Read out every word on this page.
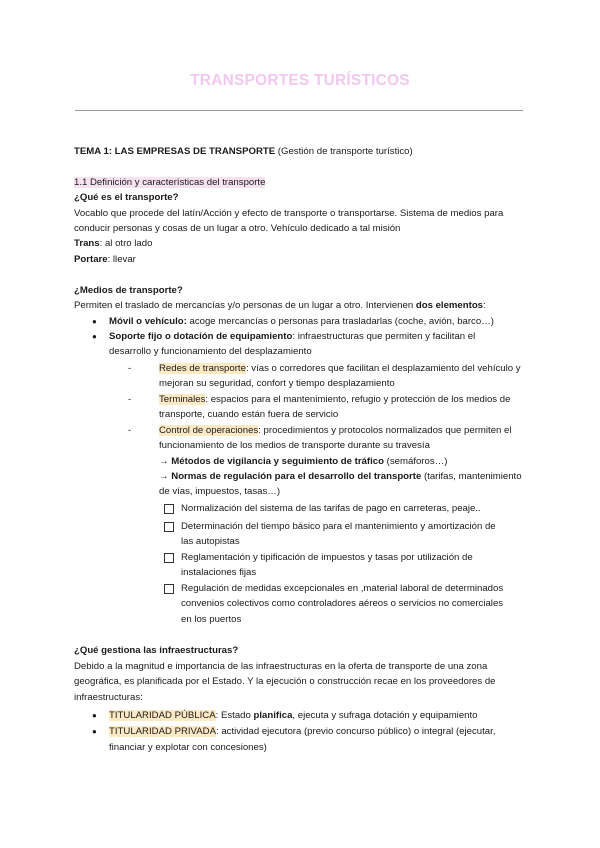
TRANSPORTES TURÍSTICOS
TEMA 1: LAS EMPRESAS DE TRANSPORTE (Gestión de transporte turístico)
1.1 Definición y características del transporte
¿Qué es el transporte?
Vocablo que procede del latín/Acción y efecto de transporte o transportarse. Sistema de medios para
conducir personas y cosas de un lugar a otro. Vehículo dedicado a tal misión
Trans: al otro lado
Portare: llevar
¿Medios de transporte?
Permiten el traslado de mercancías y/o personas de un lugar a otro. Intervienen dos elementos:
● Móvil o vehículo: acoge mercancías o personas para trasladarlas (coche, avión, barco…)
● Soporte fijo o dotación de equipamiento: infraestructuras que permiten y facilitan el
desarrollo y funcionamiento del desplazamiento
-	Redes de transporte: vías o corredores que facilitan el desplazamiento del vehículo y
mejoran su seguridad, confort y tiempo desplazamiento
-	Terminales: espacios para el mantenimiento, refugio y protección de los medios de
transporte, cuando están fuera de servicio
-	Control de operaciones: procedimientos y protocolos normalizados que permiten el
funcionamiento de los medios de transporte durante su travesía
→ Métodos de vigilancia y seguimiento de tráfico (semáforos…)
→ Normas de regulación para el desarrollo del transporte (tarifas, mantenimiento
de vías, impuestos, tasas…)
Normalización del sistema de las tarifas de pago en carreteras, peaje..
Determinación del tiempo básico para el mantenimiento y amortización de
las autopistas
Reglamentación y tipificación de impuestos y tasas por utilización de
instalaciones fijas
Regulación de medidas excepcionales en ,material laboral de determinados
convenios colectivos como controladores aéreos o servicios no comerciales
en los puertos
¿Qué gestiona las infraestructuras?
Debido a la magnitud e importancia de las infraestructuras en la oferta de transporte de una zona
geográfica, es planificada por el Estado. Y la ejecución o construcción recae en los proveedores de
infraestructuras:
● TITULARIDAD PÚBLICA: Estado planifica, ejecuta y sufraga dotación y equipamiento
● TITULARIDAD PRIVADA: actividad ejecutora (previo concurso público) o integral (ejecutar,
financiar y explotar con concesiones)
